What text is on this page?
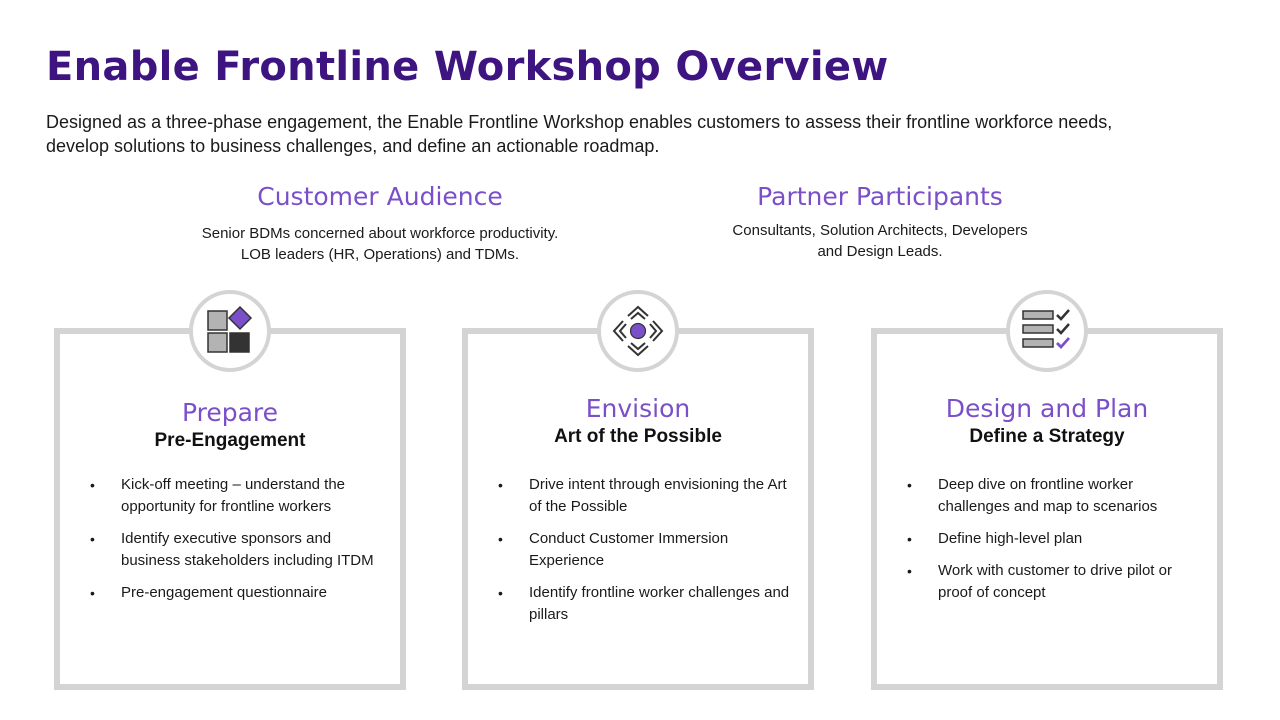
Enable Frontline Workshop Overview
Designed as a three-phase engagement, the Enable Frontline Workshop enables customers to assess their frontline workforce needs, develop solutions to business challenges, and define an actionable roadmap.
Customer Audience
Senior BDMs concerned about workforce productivity.
LOB leaders (HR, Operations) and TDMs.
Partner Participants
Consultants, Solution Architects, Developers
and Design Leads.
Prepare
Pre-Engagement
• Kick-off meeting – understand the opportunity for frontline workers
• Identify executive sponsors and business stakeholders including ITDM
• Pre-engagement questionnaire
Envision
Art of the Possible
• Drive intent through envisioning the Art of the Possible
• Conduct Customer Immersion Experience
• Identify frontline worker challenges and pillars
Design and Plan
Define a Strategy
• Deep dive on frontline worker challenges and map to scenarios
• Define high-level plan
• Work with customer to drive pilot or proof of concept
